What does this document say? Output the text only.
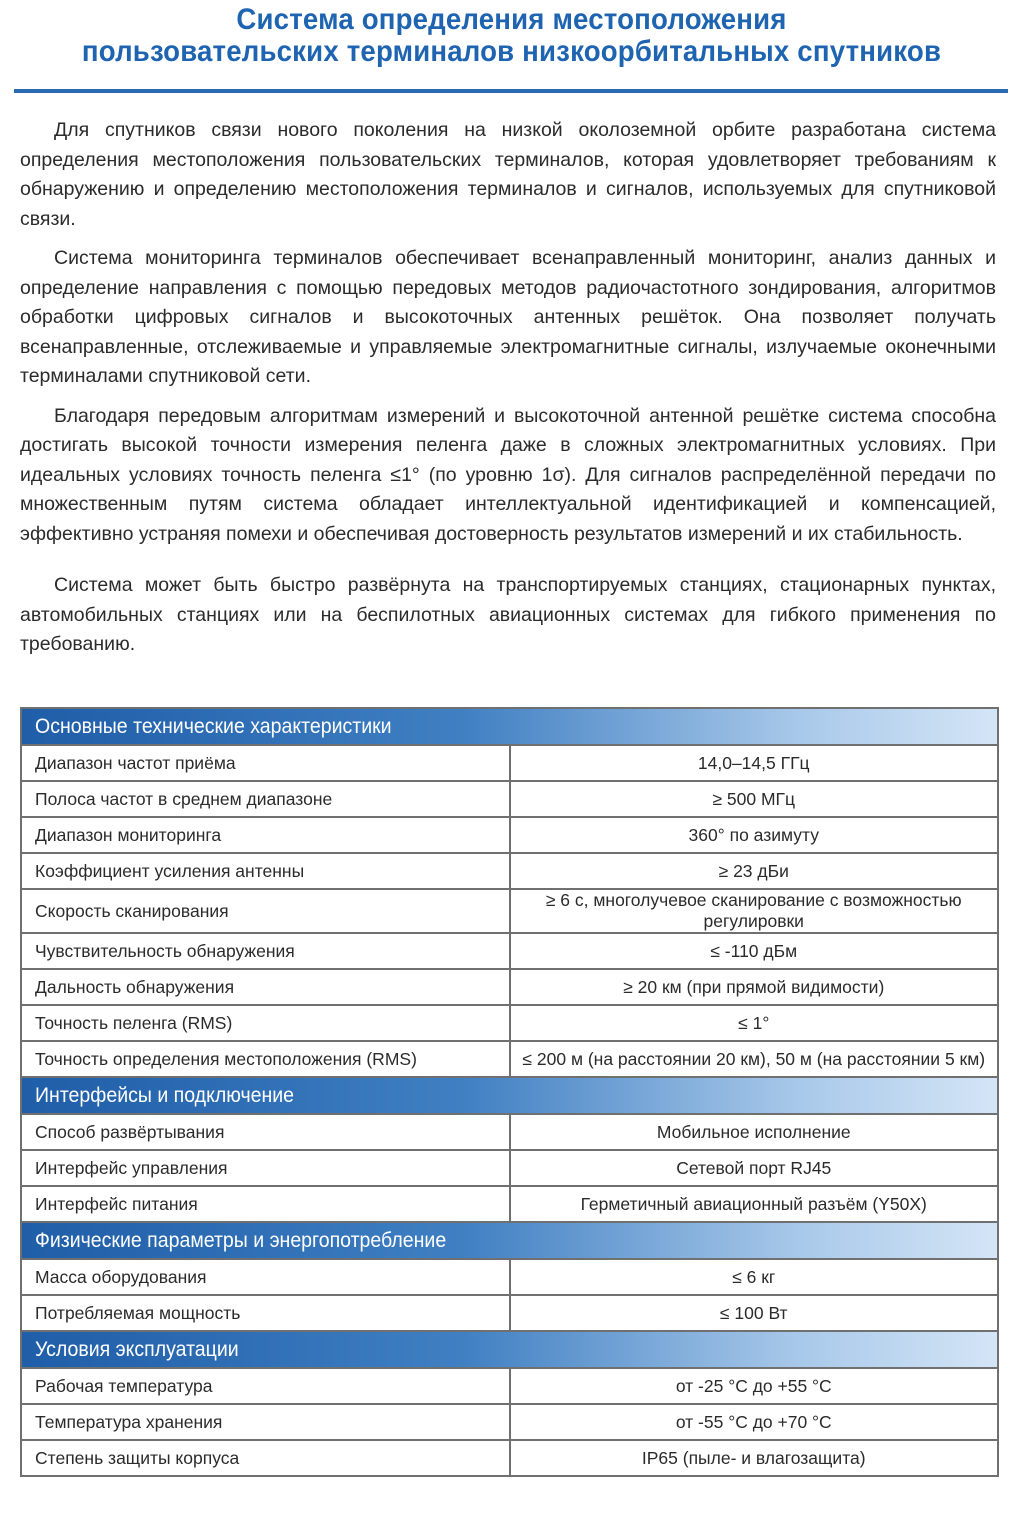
Система определения местоположения
пользовательских терминалов низкоорбитальных спутников

Для спутников связи нового поколения на низкой околоземной орбите разработана система определения местоположения пользовательских терминалов, которая удовлетворяет требованиям к обнаружению и определению местоположения терминалов и сигналов, используемых для спутниковой связи.

Система мониторинга терминалов обеспечивает всенаправленный мониторинг, анализ данных и определение направления с помощью передовых методов радиочастотного зондирования, алгоритмов обработки цифровых сигналов и высокоточных антенных решёток. Она позволяет получать всенаправленные, отслеживаемые и управляемые электромагнитные сигналы, излучаемые оконечными терминалами спутниковой сети.

Благодаря передовым алгоритмам измерений и высокоточной антенной решётке система способна достигать высокой точности измерения пеленга даже в сложных электромагнитных условиях. При идеальных условиях точность пеленга ≤1° (по уровню 1σ). Для сигналов распределённой передачи по множественным путям система обладает интеллектуальной идентификацией и компенсацией, эффективно устраняя помехи и обеспечивая достоверность результатов измерений и их стабильность.

Система может быть быстро развёрнута на транспортируемых станциях, стационарных пунктах, автомобильных станциях или на беспилотных авиационных системах для гибкого применения по требованию.

Основные технические характеристики	
Диапазон частот приёма	14,0–14,5 ГГц
Полоса частот в среднем диапазоне	≥ 500 МГц
Диапазон мониторинга	360° по азимуту
Коэффициент усиления антенны	≥ 23 дБи
Скорость сканирования	≥ 6 с, многолучевое сканирование с возможностью регулировки
Чувствительность обнаружения	≤ -110 дБм
Дальность обнаружения	≥ 20 км (при прямой видимости)
Точность пеленга (RMS)	≤ 1°
Точность определения местоположения (RMS)	≤ 200 м (на расстоянии 20 км), 50 м (на расстоянии 5 км)
Интерфейсы и подключение	
Способ развёртывания	Мобильное исполнение
Интерфейс управления	Сетевой порт RJ45
Интерфейс питания	Герметичный авиационный разъём (Y50X)
Физические параметры и энергопотребление	
Масса оборудования	≤ 6 кг
Потребляемая мощность	≤ 100 Вт
Условия эксплуатации	
Рабочая температура	от -25 °C до +55 °C
Температура хранения	от -55 °C до +70 °C
Степень защиты корпуса	IP65 (пыле- и влагозащита)
